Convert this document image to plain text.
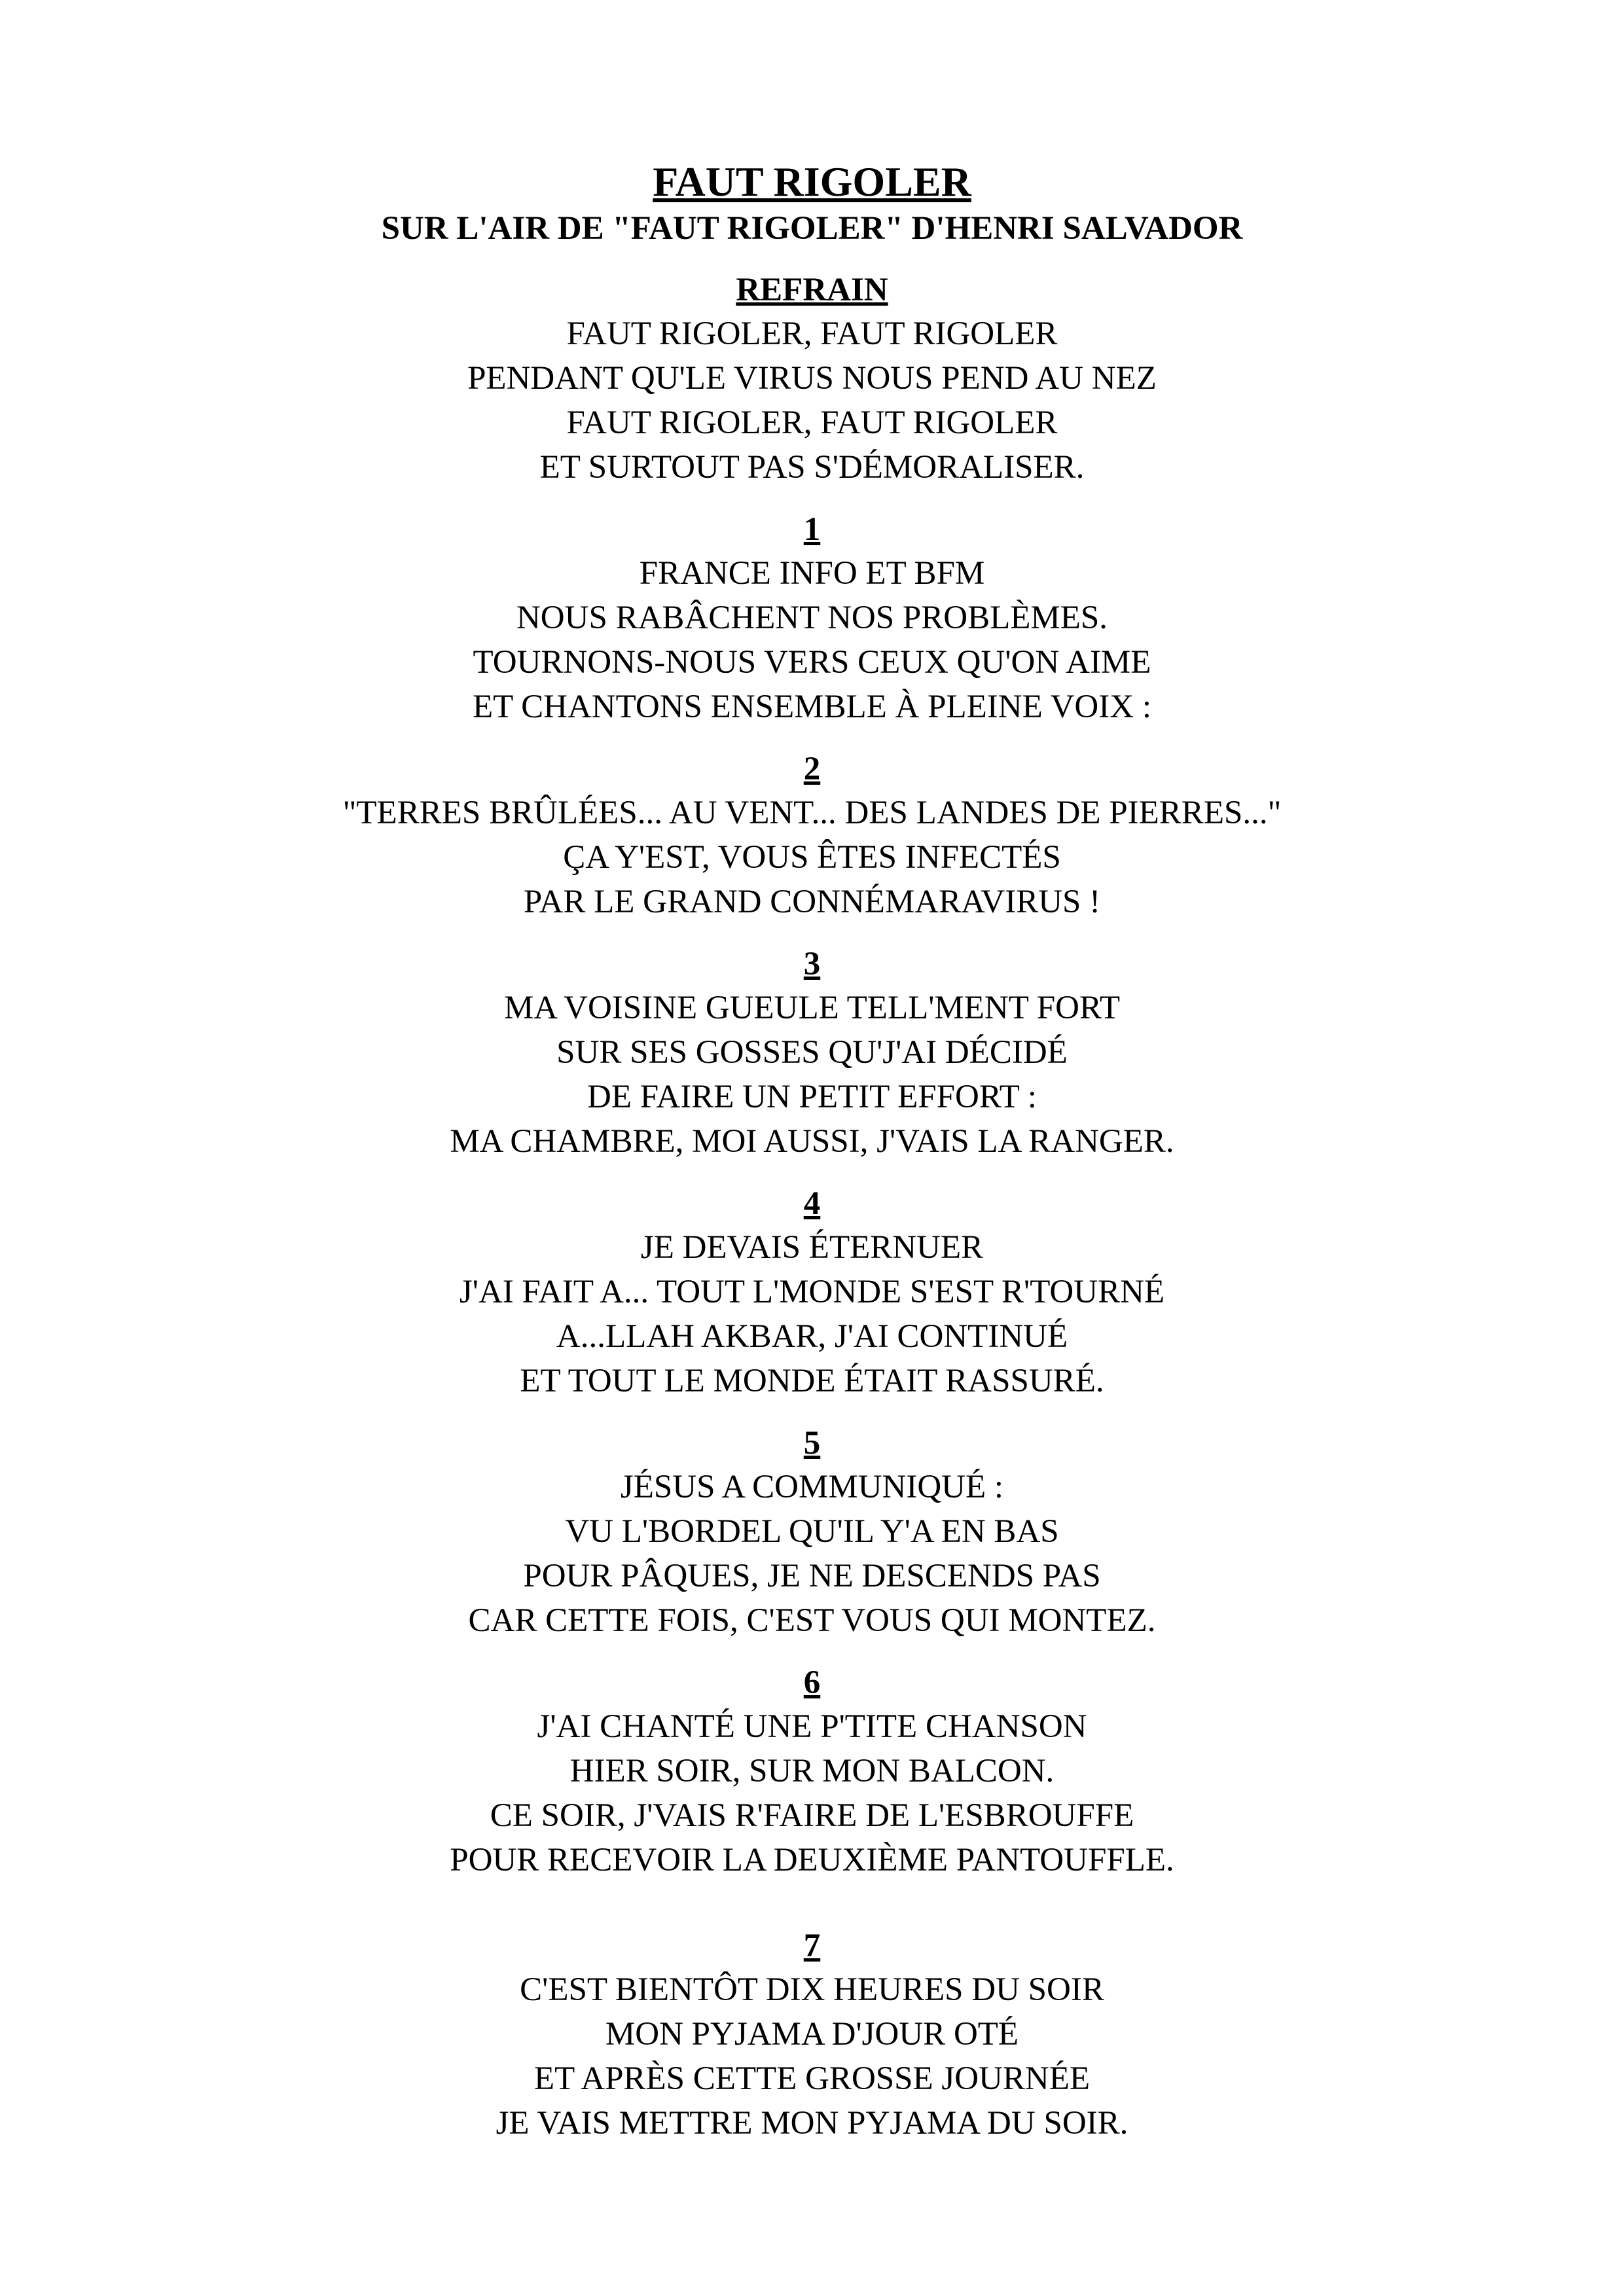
FAUT RIGOLER
SUR L'AIR DE "FAUT RIGOLER" D'HENRI SALVADOR
REFRAIN
FAUT RIGOLER, FAUT RIGOLER
PENDANT QU'LE VIRUS NOUS PEND AU NEZ
FAUT RIGOLER, FAUT RIGOLER
ET SURTOUT PAS S'DÉMORALISER.
1
FRANCE INFO ET BFM
NOUS RABÂCHENT NOS PROBLÈMES.
TOURNONS-NOUS VERS CEUX QU'ON AIME
ET CHANTONS ENSEMBLE À PLEINE VOIX :
2
"TERRES BRÛLÉES... AU VENT... DES LANDES DE PIERRES..."
ÇA Y'EST, VOUS ÊTES INFECTÉS
PAR LE GRAND CONNÉMARAVIRUS !
3
MA VOISINE GUEULE TELL'MENT FORT
SUR SES GOSSES QU'J'AI DÉCIDÉ
DE FAIRE UN PETIT EFFORT :
MA CHAMBRE, MOI AUSSI, J'VAIS LA RANGER.
4
JE DEVAIS ÉTERNUER
J'AI FAIT A... TOUT L'MONDE S'EST R'TOURNÉ
A...LLAH AKBAR, J'AI CONTINUÉ
ET TOUT LE MONDE ÉTAIT RASSURÉ.
5
JÉSUS A COMMUNIQUÉ :
VU L'BORDEL QU'IL Y'A EN BAS
POUR PÂQUES, JE NE DESCENDS PAS
CAR CETTE FOIS, C'EST VOUS QUI MONTEZ.
6
J'AI CHANTÉ UNE P'TITE CHANSON
HIER SOIR, SUR MON BALCON.
CE SOIR, J'VAIS R'FAIRE DE L'ESBROUFFE
POUR RECEVOIR LA DEUXIÈME PANTOUFFLE.
7
C'EST BIENTÔT DIX HEURES DU SOIR
MON PYJAMA D'JOUR OTÉ
ET APRÈS CETTE GROSSE JOURNÉE
JE VAIS METTRE MON PYJAMA DU SOIR.
